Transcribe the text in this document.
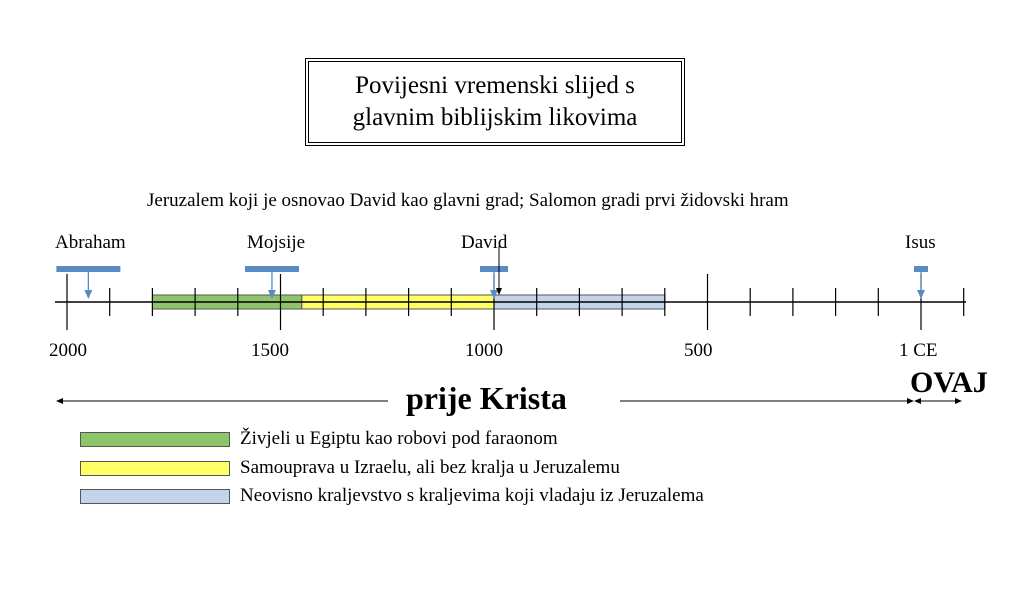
Povijesni vremenski slijed s
glavnim biblijskim likovima
Jeruzalem koji je osnovao David kao glavni grad; Salomon gradi prvi židovski hram
Abraham	Mojsije	David	Isus
2000	1500	1000	500	1 CE
prije Krista	OVAJ
Živjeli u Egiptu kao robovi pod faraonom
Samouprava u Izraelu, ali bez kralja u Jeruzalemu
Neovisno kraljevstvo s kraljevima koji vladaju iz Jeruzalema
